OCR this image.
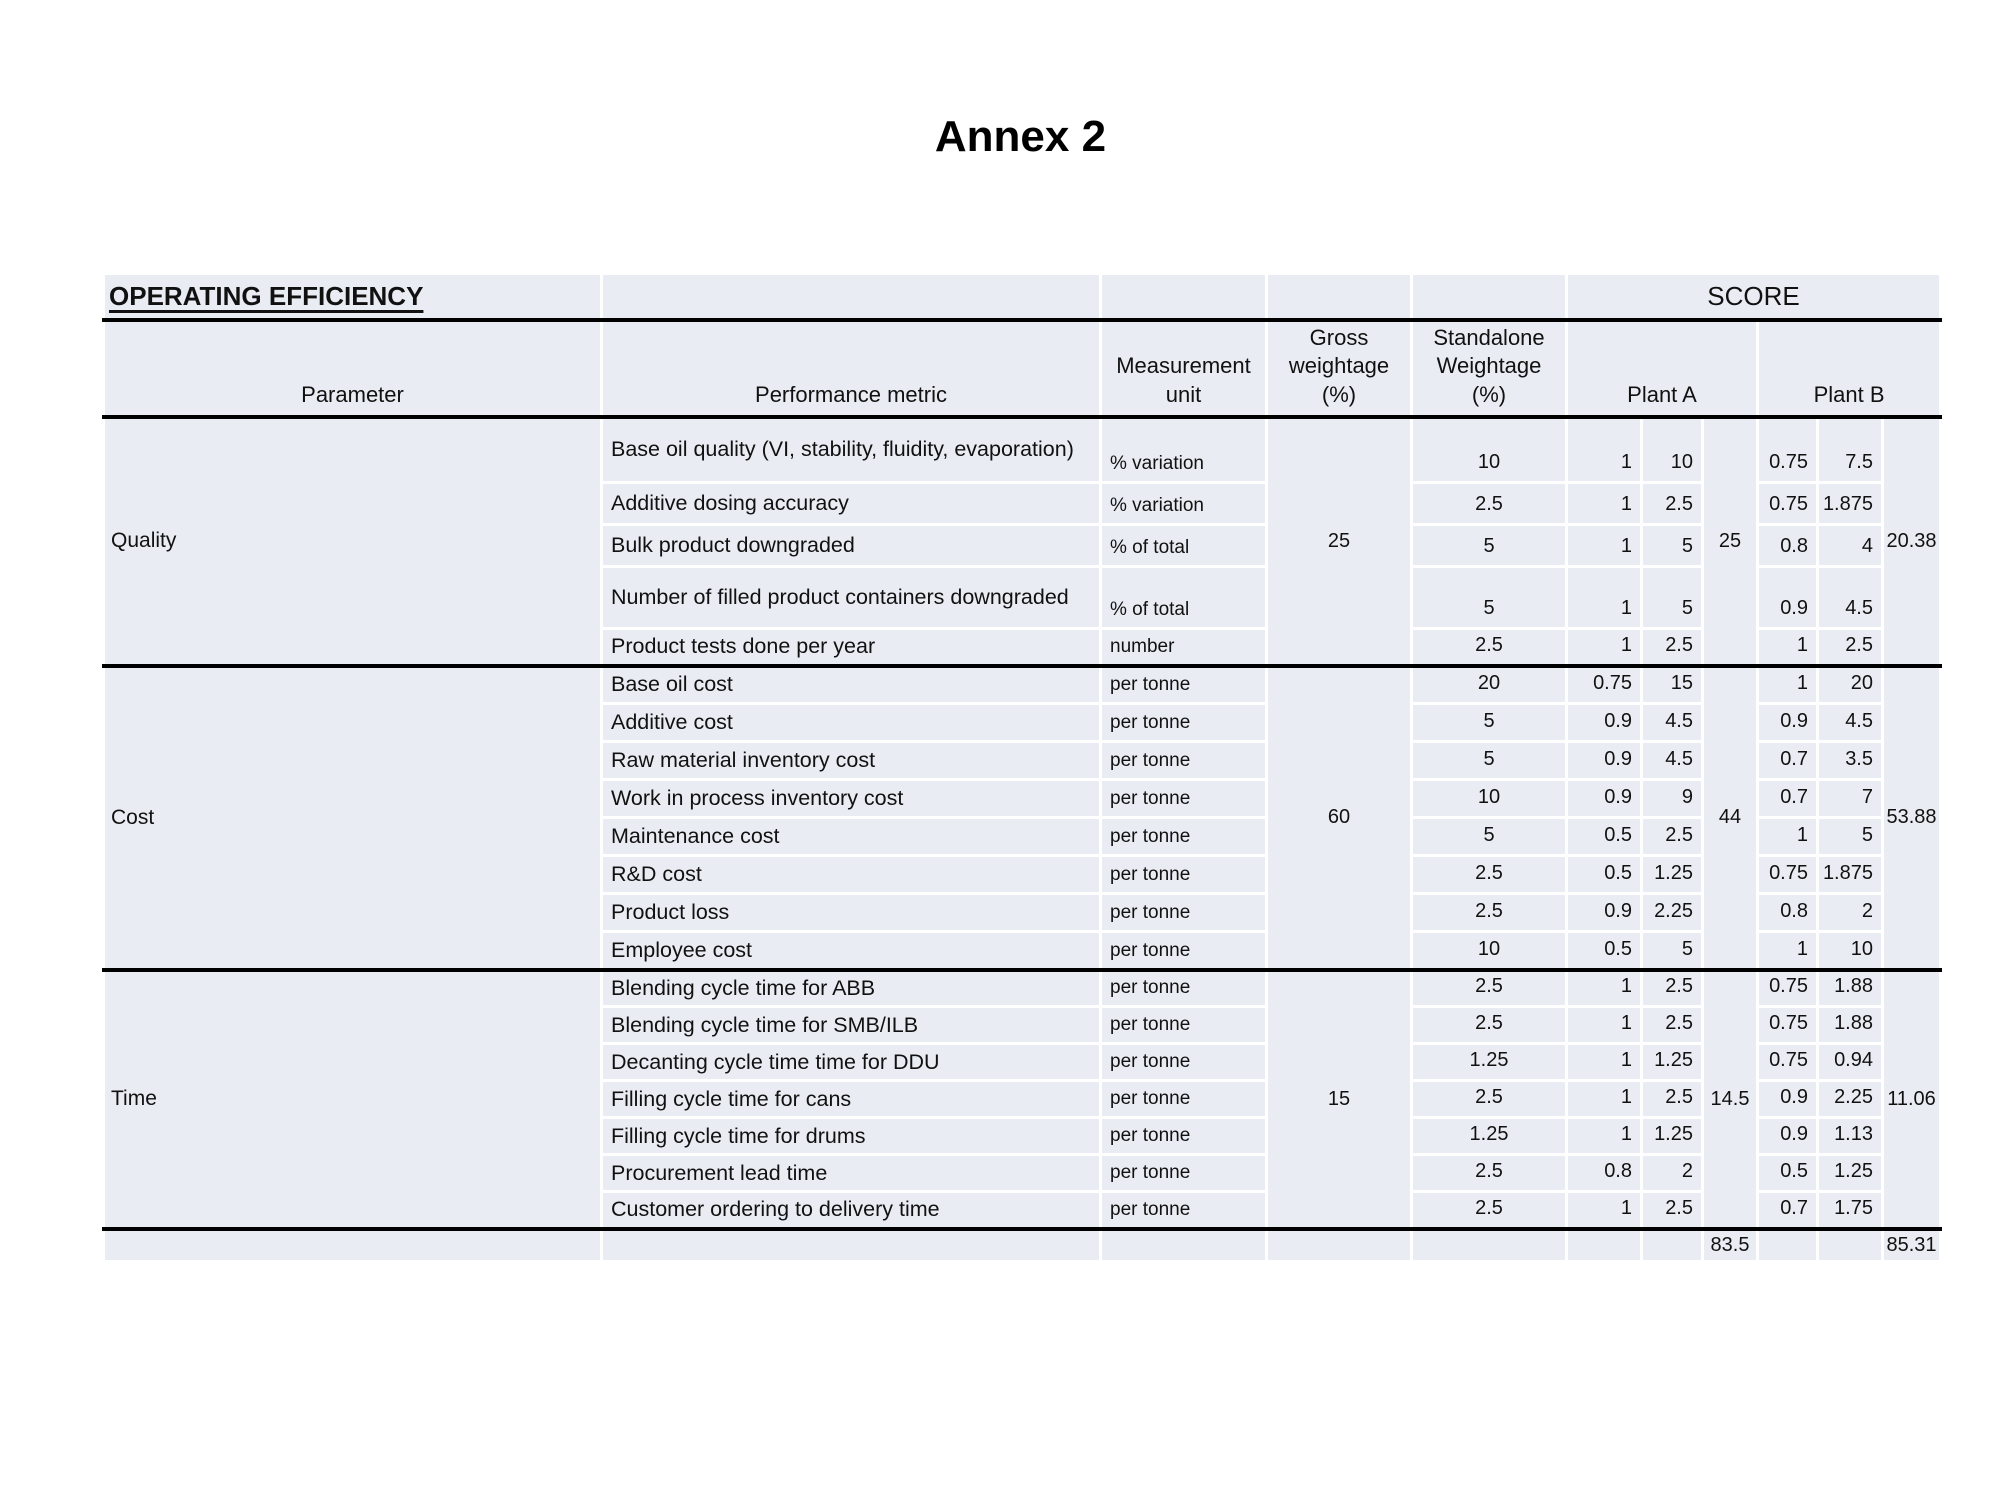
Annex 2
OPERATING EFFICIENCY					SCORE					
Parameter	Performance metric	Measurement unit	Gross weightage (%)	Standalone Weightage (%)	Plant A			Plant B		
Quality	Base oil quality (VI, stability, fluidity, evaporation)	% variation	25	10	1	10	25	0.75	7.5	20.38
	Additive dosing accuracy	% variation		2.5	1	2.5		0.75	1.875	
	Bulk product downgraded	% of total		5	1	5		0.8	4	
	Number of filled product containers downgraded	% of total		5	1	5		0.9	4.5	
	Product tests done per year	number		2.5	1	2.5		1	2.5	
Cost	Base oil cost	per tonne	60	20	0.75	15	44	1	20	53.88
	Additive cost	per tonne		5	0.9	4.5		0.9	4.5	
	Raw material inventory cost	per tonne		5	0.9	4.5		0.7	3.5	
	Work in process inventory cost	per tonne		10	0.9	9		0.7	7	
	Maintenance cost	per tonne		5	0.5	2.5		1	5	
	R&D cost	per tonne		2.5	0.5	1.25		0.75	1.875	
	Product loss	per tonne		2.5	0.9	2.25		0.8	2	
	Employee cost	per tonne		10	0.5	5		1	10	
Time	Blending cycle time for ABB	per tonne	15	2.5	1	2.5	14.5	0.75	1.88	11.06
	Blending cycle time for SMB/ILB	per tonne		2.5	1	2.5		0.75	1.88	
	Decanting cycle time time for DDU	per tonne		1.25	1	1.25		0.75	0.94	
	Filling cycle time for cans	per tonne		2.5	1	2.5		0.9	2.25	
	Filling cycle time for drums	per tonne		1.25	1	1.25		0.9	1.13	
	Procurement lead time	per tonne		2.5	0.8	2		0.5	1.25	
	Customer ordering to delivery time	per tonne		2.5	1	2.5		0.7	1.75	
							83.5			85.31
